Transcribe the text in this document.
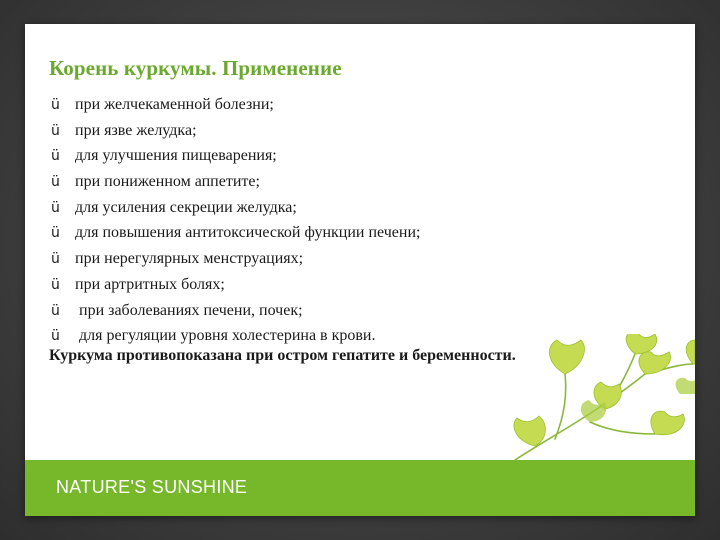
Корень куркумы. Применение
ü при желчекаменной болезни;
ü при язве желудка;
ü для улучшения пищеварения;
ü при пониженном аппетите;
ü для усиления секреции желудка;
ü для повышения антитоксической функции печени;
ü при нерегулярных менструациях;
ü при артритных болях;
ü при заболеваниях печени, почек;
ü для регуляции уровня холестерина в крови.

Куркума противопоказана при остром гепатите и беременности.

NATURE'S SUNSHINE
